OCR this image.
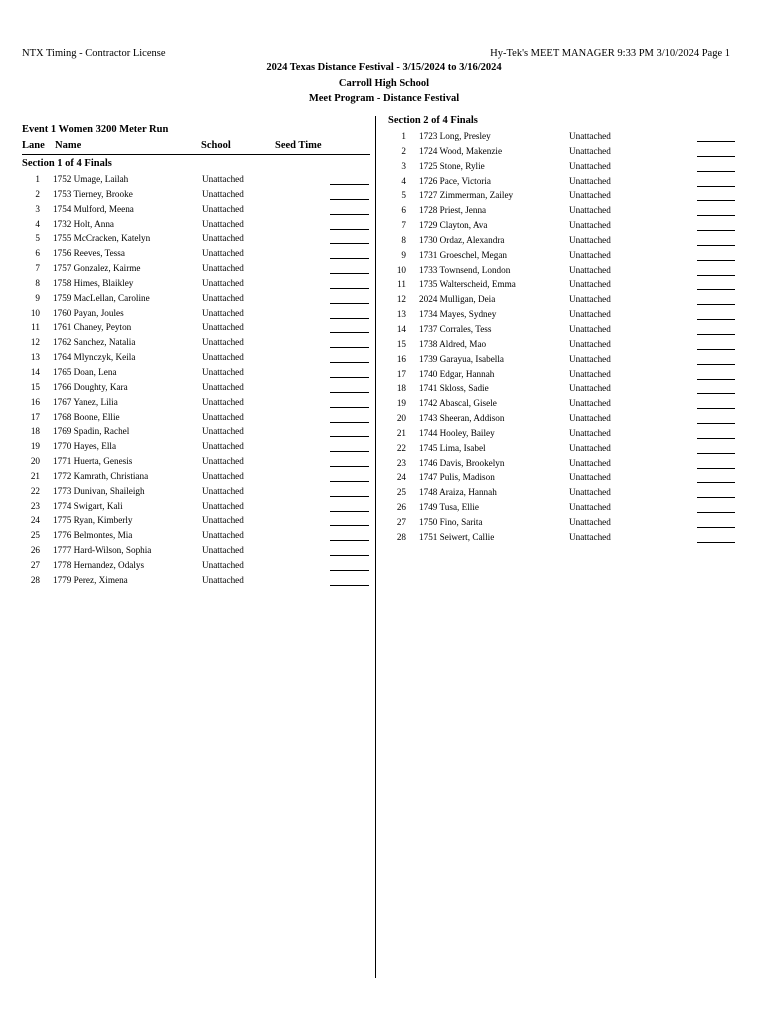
NTX Timing - Contractor License	Hy-Tek's MEET MANAGER 9:33 PM 3/10/2024 Page 1
2024 Texas Distance Festival - 3/15/2024 to 3/16/2024
Carroll High School
Meet Program - Distance Festival
Event 1 Women 3200 Meter Run
Lane Name	School	Seed Time
Section 1 of 4 Finals
1 1752 Umage, Lailah	Unattached
2 1753 Tierney, Brooke	Unattached
3 1754 Mulford, Meena	Unattached
4 1732 Holt, Anna	Unattached
5 1755 McCracken, Katelyn	Unattached
6 1756 Reeves, Tessa	Unattached
7 1757 Gonzalez, Kairme	Unattached
8 1758 Himes, Blaikley	Unattached
9 1759 MacLellan, Caroline	Unattached
10 1760 Payan, Joules	Unattached
11 1761 Chaney, Peyton	Unattached
12 1762 Sanchez, Natalia	Unattached
13 1764 Mlynczyk, Keila	Unattached
14 1765 Doan, Lena	Unattached
15 1766 Doughty, Kara	Unattached
16 1767 Yanez, Lilia	Unattached
17 1768 Boone, Ellie	Unattached
18 1769 Spadin, Rachel	Unattached
19 1770 Hayes, Ella	Unattached
20 1771 Huerta, Genesis	Unattached
21 1772 Kamrath, Christiana	Unattached
22 1773 Dunivan, Shaileigh	Unattached
23 1774 Swigart, Kali	Unattached
24 1775 Ryan, Kimberly	Unattached
25 1776 Belmontes, Mia	Unattached
26 1777 Hard-Wilson, Sophia	Unattached
27 1778 Hernandez, Odalys	Unattached
28 1779 Perez, Ximena	Unattached
Section 2 of 4 Finals
1 1723 Long, Presley	Unattached
2 1724 Wood, Makenzie	Unattached
3 1725 Stone, Rylie	Unattached
4 1726 Pace, Victoria	Unattached
5 1727 Zimmerman, Zailey	Unattached
6 1728 Priest, Jenna	Unattached
7 1729 Clayton, Ava	Unattached
8 1730 Ordaz, Alexandra	Unattached
9 1731 Groeschel, Megan	Unattached
10 1733 Townsend, London	Unattached
11 1735 Walterscheid, Emma	Unattached
12 2024 Mulligan, Deia	Unattached
13 1734 Mayes, Sydney	Unattached
14 1737 Corrales, Tess	Unattached
15 1738 Aldred, Mao	Unattached
16 1739 Garayua, Isabella	Unattached
17 1740 Edgar, Hannah	Unattached
18 1741 Skloss, Sadie	Unattached
19 1742 Abascal, Gisele	Unattached
20 1743 Sheeran, Addison	Unattached
21 1744 Hooley, Bailey	Unattached
22 1745 Lima, Isabel	Unattached
23 1746 Davis, Brookelyn	Unattached
24 1747 Pulis, Madison	Unattached
25 1748 Araiza, Hannah	Unattached
26 1749 Tusa, Ellie	Unattached
27 1750 Fino, Sarita	Unattached
28 1751 Seiwert, Callie	Unattached
